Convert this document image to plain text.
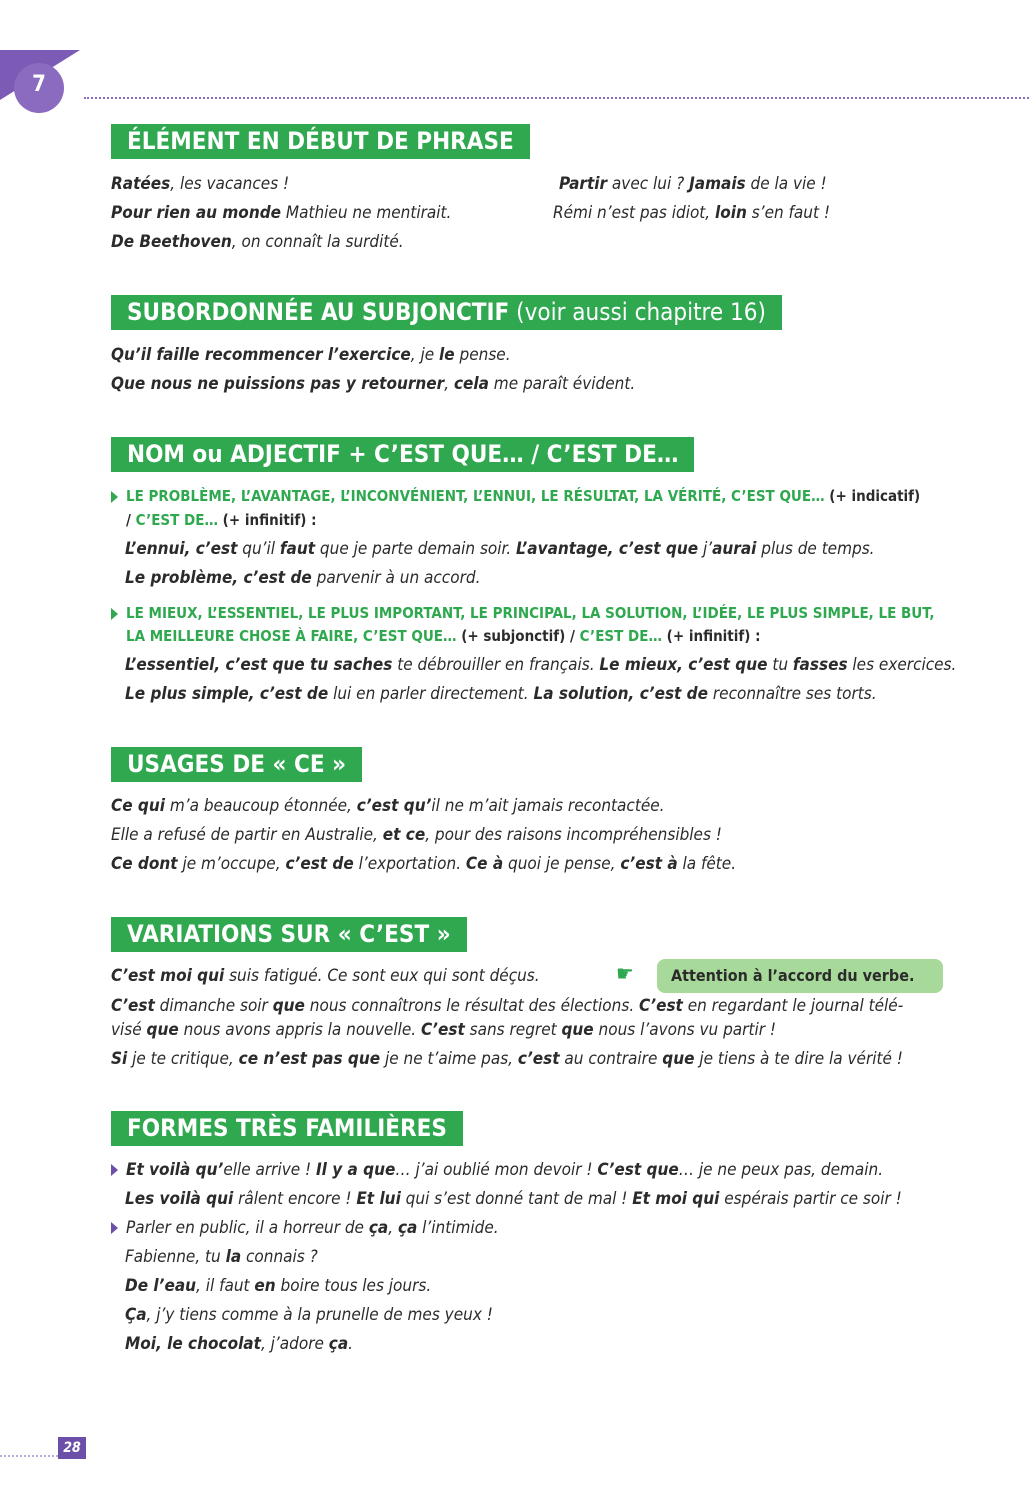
7
ÉLÉMENT EN DÉBUT DE PHRASE
Ratées, les vacances !
Pour rien au monde Mathieu ne mentirait.
De Beethoven, on connaît la surdité.
Partir avec lui ? Jamais de la vie !
Rémi n’est pas idiot, loin s’en faut !
SUBORDONNÉE AU SUBJONCTIF (voir aussi chapitre 16)
Qu’il faille recommencer l’exercice, je le pense.
Que nous ne puissions pas y retourner, cela me paraît évident.
NOM ou ADJECTIF + C’EST QUE… / C’EST DE…
LE PROBLÈME, L’AVANTAGE, L’INCONVÉNIENT, L’ENNUI, LE RÉSULTAT, LA VÉRITÉ, C’EST QUE… (+ indicatif)
/ C’EST DE… (+ infinitif) :
L’ennui, c’est qu’il faut que je parte demain soir. L’avantage, c’est que j’aurai plus de temps.
Le problème, c’est de parvenir à un accord.
LE MIEUX, L’ESSENTIEL, LE PLUS IMPORTANT, LE PRINCIPAL, LA SOLUTION, L’IDÉE, LE PLUS SIMPLE, LE BUT,
LA MEILLEURE CHOSE À FAIRE, C’EST QUE… (+ subjonctif) / C’EST DE… (+ infinitif) :
L’essentiel, c’est que tu saches te débrouiller en français. Le mieux, c’est que tu fasses les exercices.
Le plus simple, c’est de lui en parler directement. La solution, c’est de reconnaître ses torts.
USAGES DE « CE »
Ce qui m’a beaucoup étonnée, c’est qu’il ne m’ait jamais recontactée.
Elle a refusé de partir en Australie, et ce, pour des raisons incompréhensibles !
Ce dont je m’occupe, c’est de l’exportation. Ce à quoi je pense, c’est à la fête.
VARIATIONS SUR « C’EST »
C’est moi qui suis fatigué. Ce sont eux qui sont déçus.	☛	Attention à l’accord du verbe.
C’est dimanche soir que nous connaîtrons le résultat des élections. C’est en regardant le journal télé-
visé que nous avons appris la nouvelle. C’est sans regret que nous l’avons vu partir !
Si je te critique, ce n’est pas que je ne t’aime pas, c’est au contraire que je tiens à te dire la vérité !
FORMES TRÈS FAMILIÈRES
Et voilà qu’elle arrive ! Il y a que… j’ai oublié mon devoir ! C’est que… je ne peux pas, demain.
Les voilà qui râlent encore ! Et lui qui s’est donné tant de mal ! Et moi qui espérais partir ce soir !
Parler en public, il a horreur de ça, ça l’intimide.
Fabienne, tu la connais ?
De l’eau, il faut en boire tous les jours.
Ça, j’y tiens comme à la prunelle de mes yeux !
Moi, le chocolat, j’adore ça.
28
